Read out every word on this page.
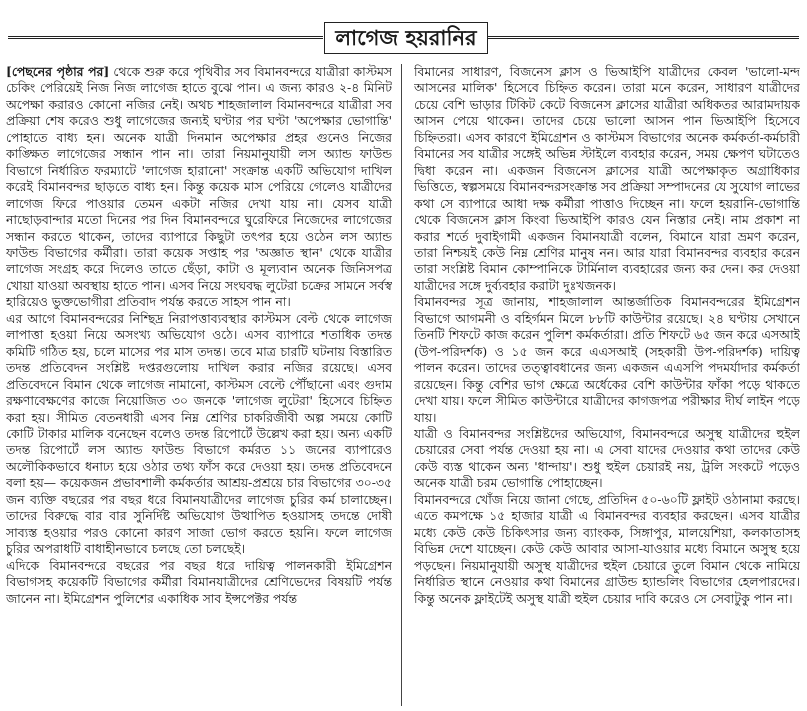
লাগেজ হয়রানির

[পেছনের পৃষ্ঠার পর] থেকে শুরু করে পৃথিবীর সব বিমানবন্দরে যাত্রীরা কাস্টমস চেকিং পেরিয়েই নিজ নিজ লাগেজ হাতে বুঝে পান। এ জন্য কারও ২-৪ মিনিট অপেক্ষা করারও কোনো নজির নেই। অথচ শাহজালাল বিমানবন্দরে যাত্রীরা সব প্রক্রিয়া শেষ করেও শুধু লাগেজের জন্যই ঘণ্টার পর ঘণ্টা 'অপেক্ষার ভোগান্তি' পোহাতে বাধ্য হন। অনেক যাত্রী দিনমান অপেক্ষার প্রহর গুনেও নিজের কাঙ্ক্ষিত লাগেজের সন্ধান পান না। তারা নিয়মানুযায়ী লস অ্যান্ড ফাউন্ড বিভাগে নির্ধারিত ফরম্যাটে 'লাগেজ হারানো' সংক্রান্ত একটি অভিযোগ দাখিল করেই বিমানবন্দর ছাড়তে বাধ্য হন। কিন্তু কয়েক মাস পেরিয়ে গেলেও যাত্রীদের লাগেজ ফিরে পাওয়ার তেমন একটা নজির দেখা যায় না। যেসব যাত্রী নাছোড়বান্দার মতো দিনের পর দিন বিমানবন্দরে ঘুরেফিরে নিজেদের লাগেজের সন্ধান করতে থাকেন, তাদের ব্যাপারে কিছুটা তৎপর হয়ে ওঠেন লস অ্যান্ড ফাউন্ড বিভাগের কর্মীরা। তারা কয়েক সপ্তাহ পর 'অজ্ঞাত স্থান' থেকে যাত্রীর লাগেজ সংগ্রহ করে দিলেও তাতে ছেঁড়া, কাটা ও মূল্যবান অনেক জিনিসপত্র খোয়া যাওয়া অবস্থায় হাতে পান। এসব নিয়ে সংঘবদ্ধ লুটেরা চক্রের সামনে সর্বস্ব হারিয়েও ভুক্তভোগীরা প্রতিবাদ পর্যন্ত করতে সাহস পান না।

এর আগে বিমানবন্দরের নিশ্ছিদ্র নিরাপত্তাব্যবস্থার কাস্টমস বেল্ট থেকে লাগেজ লাপাত্তা হওয়া নিয়ে অসংখ্য অভিযোগ ওঠে। এসব ব্যাপারে শতাধিক তদন্ত কমিটি গঠিত হয়, চলে মাসের পর মাস তদন্ত। তবে মাত্র চারটি ঘটনায় বিস্তারিত তদন্ত প্রতিবেদন সংশ্লিষ্ট দপ্তরগুলোয় দাখিল করার নজির রয়েছে। এসব প্রতিবেদনে বিমান থেকে লাগেজ নামানো, কাস্টমস বেল্টে পৌঁছানো এবং গুদাম রক্ষণাবেক্ষণের কাজে নিয়োজিত ৩০ জনকে 'লাগেজ লুটেরা' হিসেবে চিহ্নিত করা হয়। সীমিত বেতনধারী এসব নিম্ন শ্রেণির চাকরিজীবী অল্প সময়ে কোটি কোটি টাকার মালিক বনেছেন বলেও তদন্ত রিপোর্টে উল্লেখ করা হয়। অন্য একটি তদন্ত রিপোর্টে লস অ্যান্ড ফাউন্ড বিভাগে কর্মরত ১১ জনের ব্যাপারেও অলৌকিকভাবে ধনাঢ্য হয়ে ওঠার তথ্য ফাঁস করে দেওয়া হয়। তদন্ত প্রতিবেদনে বলা হয়— কয়েকজন প্রভাবশালী কর্মকর্তার আশ্রয়-প্রশ্রয়ে চার বিভাগের ৩০-৩৫ জন ব্যক্তি বছরের পর বছর ধরে বিমানযাত্রীদের লাগেজ চুরির কর্ম চালাচ্ছেন। তাদের বিরুদ্ধে বার বার সুনির্দিষ্ট অভিযোগ উত্থাপিত হওয়াসহ তদন্তে দোষী সাব্যস্ত হওয়ার পরও কোনো কারণ সাজা ভোগ করতে হয়নি। ফলে লাগেজ চুরির অপরাধটি বাধাহীনভাবে চলছে তো চলছেই।

এদিকে বিমানবন্দরে বছরের পর বছর ধরে দায়িত্ব পালনকারী ইমিগ্রেশন বিভাগসহ কয়েকটি বিভাগের কর্মীরা বিমানযাত্রীদের শ্রেণিভেদের বিষয়টি পর্যন্ত জানেন না। ইমিগ্রেশন পুলিশের একাধিক সাব ইন্সপেক্টর পর্যন্ত

বিমানের সাধারণ, বিজনেস ক্লাস ও ভিআইপি যাত্রীদের কেবল 'ভালো-মন্দ আসনের মালিক' হিসেবে চিহ্নিত করেন। তারা মনে করেন, সাধারণ যাত্রীদের চেয়ে বেশি ভাড়ার টিকিট কেটে বিজনেস ক্লাসের যাত্রীরা অধিকতর আরামদায়ক আসন পেয়ে থাকেন। তাদের চেয়ে ভালো আসন পান ভিআইপি হিসেবে চিহ্নিতরা। এসব কারণে ইমিগ্রেশন ও কাস্টমস বিভাগের অনেক কর্মকর্তা-কর্মচারী বিমানের সব যাত্রীর সঙ্গেই অভিন্ন স্টাইলে ব্যবহার করেন, সময় ক্ষেপণ ঘটাতেও দ্বিধা করেন না। একজন বিজনেস ক্লাসের যাত্রী অপেক্ষাকৃত অগ্রাধিকার ভিত্তিতে, স্বল্পসময়ে বিমানবন্দরসংক্রান্ত সব প্রক্রিয়া সম্পাদনের যে সুযোগ লাভের কথা সে ব্যাপারে আধা দক্ষ কর্মীরা পাত্তাও দিচ্ছেন না। ফলে হয়রানি-ভোগান্তি থেকে বিজনেস ক্লাস কিংবা ভিআইপি কারও যেন নিস্তার নেই। নাম প্রকাশ না করার শর্তে দুবাইগামী একজন বিমানযাত্রী বলেন, বিমানে যারা ভ্রমণ করেন, তারা নিশ্চয়ই কেউ নিম্ন শ্রেণির মানুষ নন। আর যারা বিমানবন্দর ব্যবহার করেন তারা সংশ্লিষ্ট বিমান কোম্পানিকে টার্মিনাল ব্যবহারের জন্য কর দেন। কর দেওয়া যাত্রীদের সঙ্গে দুর্ব্যবহার করাটা দুঃখজনক।

বিমানবন্দর সূত্র জানায়, শাহজালাল আন্তর্জাতিক বিমানবন্দরের ইমিগ্রেশন বিভাগে আগমনী ও বহির্গমন মিলে ৮৮টি কাউন্টার রয়েছে। ২৪ ঘণ্টায় সেখানে তিনটি শিফটে কাজ করেন পুলিশ কর্মকর্তারা। প্রতি শিফটে ৬৫ জন করে এসআই (উপ-পরিদর্শক) ও ১৫ জন করে এএসআই (সহকারী উপ-পরিদর্শক) দায়িত্ব পালন করেন। তাদের তত্ত্বাবধানের জন্য একজন এএসপি পদমর্যাদার কর্মকর্তা রয়েছেন। কিন্তু বেশির ভাগ ক্ষেত্রে অর্ধেকের বেশি কাউন্টার ফাঁকা পড়ে থাকতে দেখা যায়। ফলে সীমিত কাউন্টারে যাত্রীদের কাগজপত্র পরীক্ষার দীর্ঘ লাইন পড়ে যায়।

যাত্রী ও বিমানবন্দর সংশ্লিষ্টদের অভিযোগ, বিমানবন্দরে অসুস্থ যাত্রীদের হুইল চেয়ারের সেবা পর্যন্ত দেওয়া হয় না। এ সেবা যাদের দেওয়ার কথা তাদের কেউ কেউ ব্যস্ত থাকেন অন্য 'ধান্দায়'। শুধু হুইল চেয়ারই নয়, ট্রলি সংকটে পড়েও অনেক যাত্রী চরম ভোগান্তি পোহাচ্ছেন।

বিমানবন্দরে খোঁজ নিয়ে জানা গেছে, প্রতিদিন ৫০-৬০টি ফ্লাইট ওঠানামা করছে। এতে কমপক্ষে ১৫ হাজার যাত্রী এ বিমানবন্দর ব্যবহার করছেন। এসব যাত্রীর মধ্যে কেউ কেউ চিকিৎসার জন্য ব্যাংকক, সিঙ্গাপুর, মালয়েশিয়া, কলকাতাসহ বিভিন্ন দেশে যাচ্ছেন। কেউ কেউ আবার আসা-যাওয়ার মধ্যে বিমানে অসুস্থ হয়ে পড়ছেন। নিয়মানুযায়ী অসুস্থ যাত্রীদের হুইল চেয়ারে তুলে বিমান থেকে নামিয়ে নির্ধারিত স্থানে নেওয়ার কথা বিমানের গ্রাউন্ড হ্যান্ডলিং বিভাগের হেলপারদের। কিন্তু অনেক ফ্লাইটেই অসুস্থ যাত্রী হুইল চেয়ার দাবি করেও সে সেবাটুকু পান না।
